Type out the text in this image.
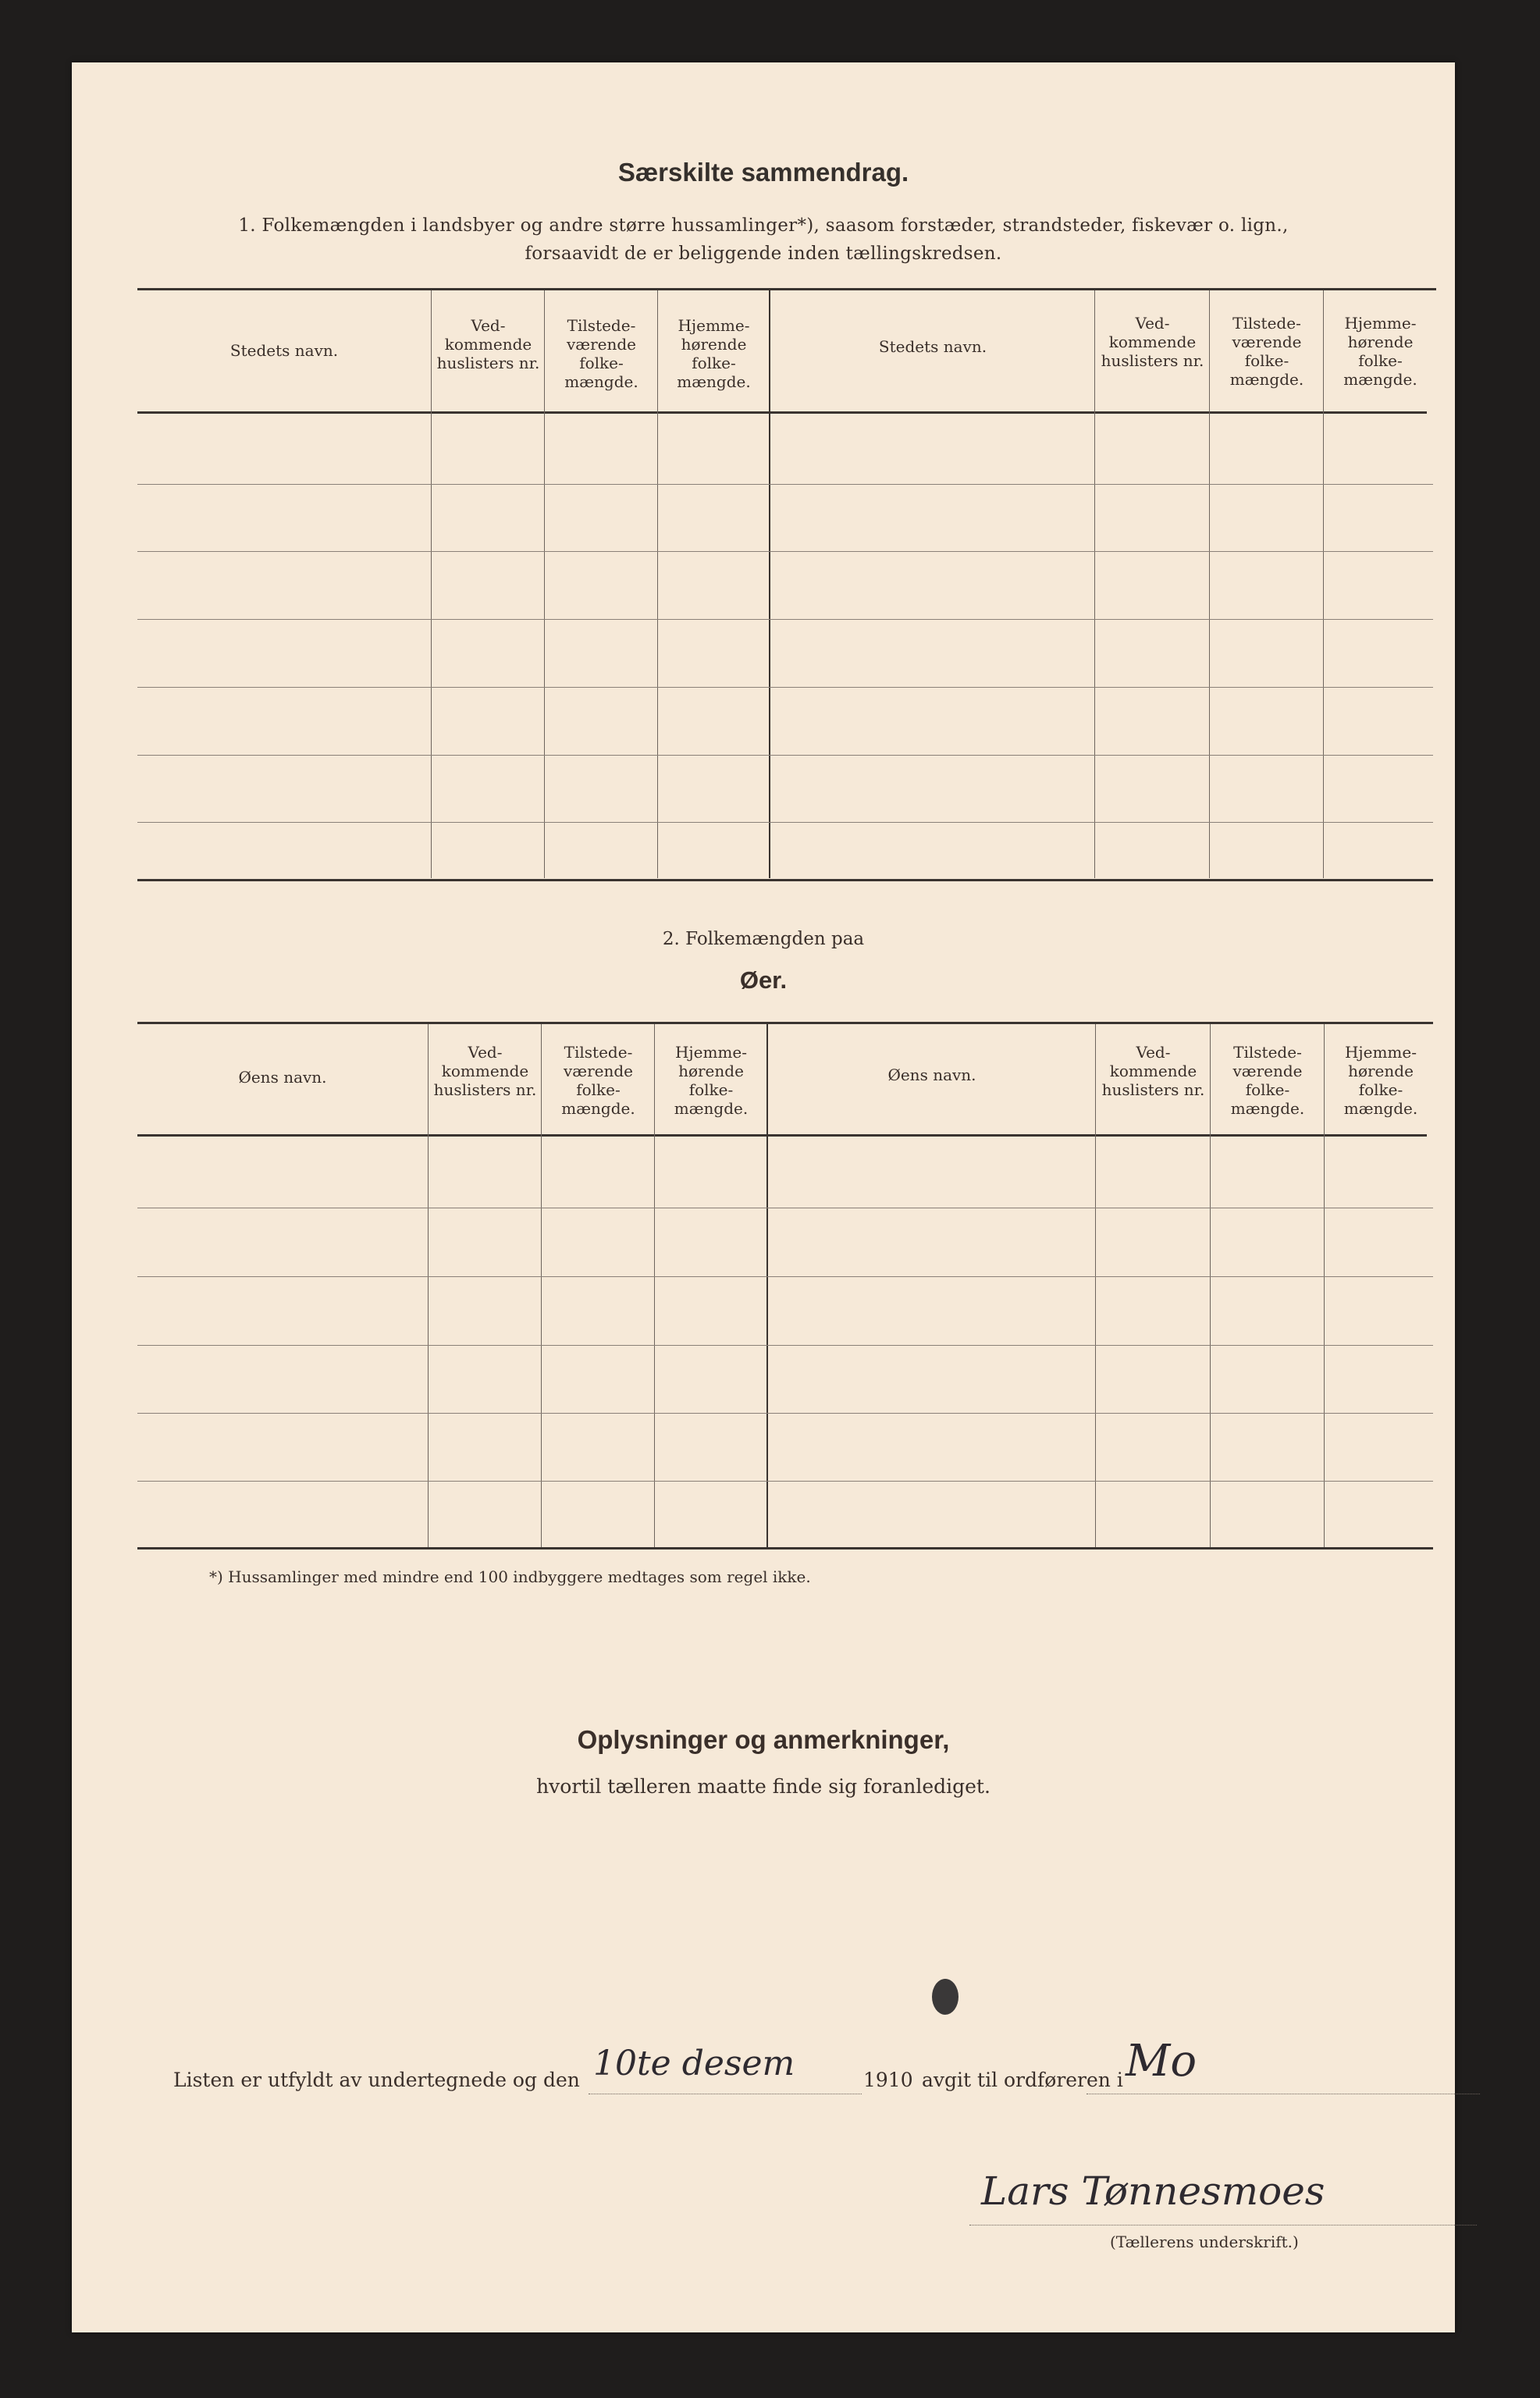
Særskilte sammendrag.
1. Folkemængden i landsbyer og andre større hussamlinger*), saasom forstæder, strandsteder, fiskevær o. lign.,
forsaavidt de er beliggende inden tællingskredsen.
Stedets navn.
Ved-kommende huslisters nr.
Tilstede-værende folke-mængde.
Hjemme-hørende folke-mængde.
Stedets navn.
Ved-kommende huslisters nr.
Tilstede-værende folke-mængde.
Hjemme-hørende folke-mængde.
2. Folkemængden paa
Øer.
Øens navn.
Ved-kommende huslisters nr.
Tilstede-værende folke-mængde.
Hjemme-hørende folke-mængde.
Øens navn.
Ved-kommende huslisters nr.
Tilstede-værende folke-mængde.
Hjemme-hørende folke-mængde.
*) Hussamlinger med mindre end 100 indbyggere medtages som regel ikke.
Oplysninger og anmerkninger,
hvortil tælleren maatte finde sig foranlediget.
Listen er utfyldt av undertegnede og den 10te desem	1910 avgit til ordføreren i Mo
Lars Tønnesmoes
(Tællerens underskrift.)
